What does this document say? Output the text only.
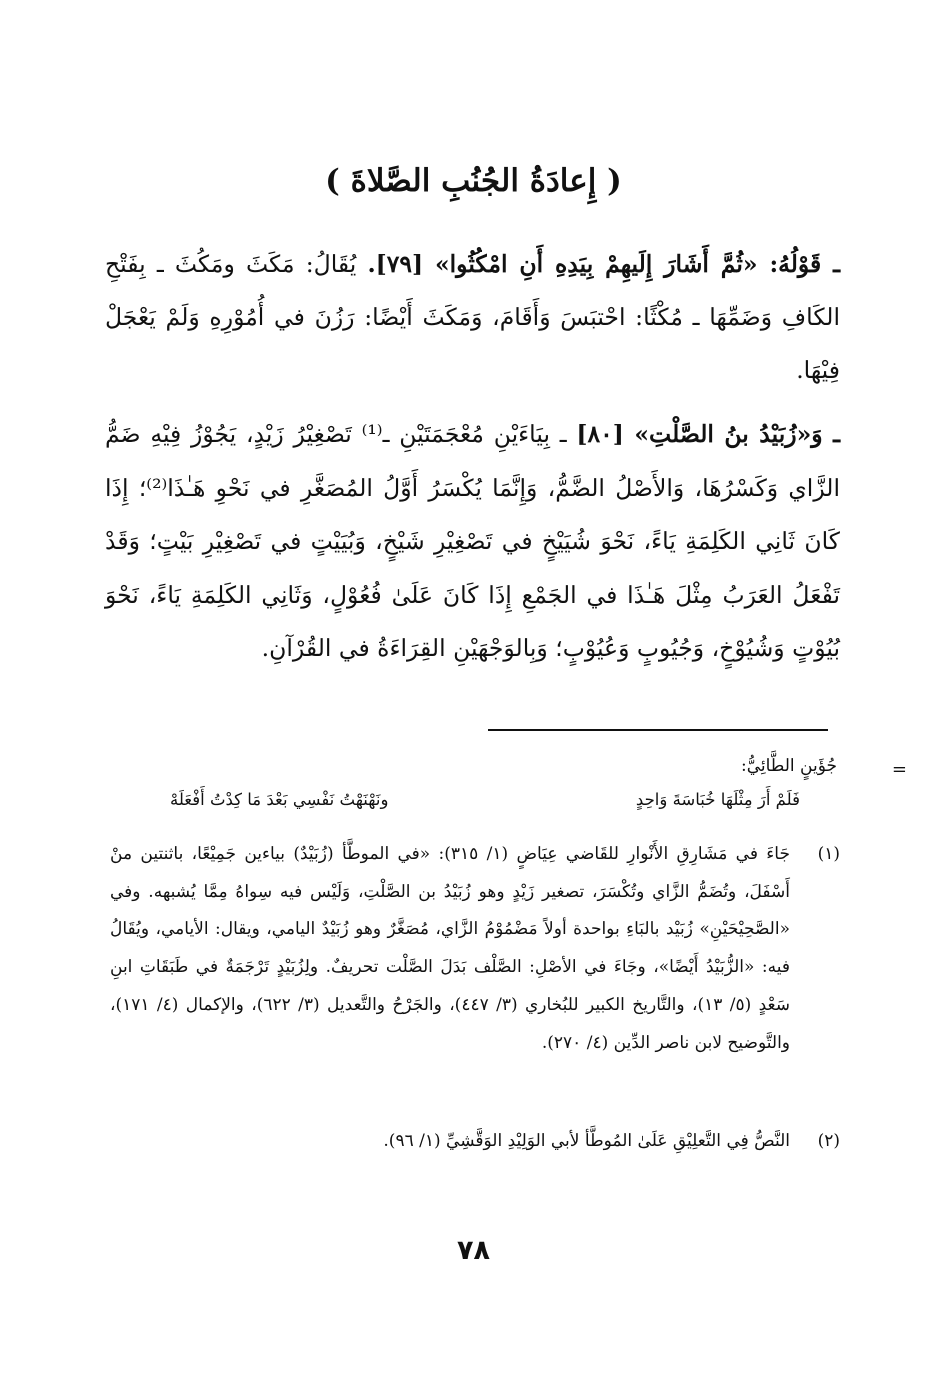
( إِعادَةُ الجُنُبِ الصَّلاةَ )

ـ قَوْلُهُ: «ثُمَّ أَشَارَ إِلَيهِمْ بِيَدِهِ أَنِ امْكُثُوا» [٧٩]. يُقَالُ: مَكَثَ ومَكُثَ ـ بِفَتْحِ الكَافِ وَضَمِّهَا ـ مُكْثًا: احْتبَسَ وَأَقَامَ، وَمَكَثَ أَيْضًا: رَزُنَ في أُمُوْرِهِ وَلَمْ يَعْجَلْ فِيْهَا.

ـ وَ«زُبَيْدُ بنُ الصَّلْتِ» [٨٠] ـ بِيَاءَيْنِ مُعْجَمَتَيْنِ ـ⁽¹⁾ تَصْغِيْرُ زَيْدٍ، يَجُوْزُ فِيْهِ ضَمُّ الزَّاي وَكَسْرُهَا، وَالأَصْلُ الضَّمُّ، وَإِنَّمَا يُكْسَرُ أَوَّلُ المُصَغَّرِ في نَحْوِ هَـٰذَا⁽²⁾؛ إِذَا كَانَ ثَانِي الكَلِمَةِ يَاءً، نَحْوَ شُيَيْخٍ في تَصْغِيْرِ شَيْخٍ، وَبُيَيْتٍ في تَصْغِيْرِ بَيْتٍ؛ وَقَدْ تَفْعَلُ العَرَبُ مِثْلَ هَـٰذَا في الجَمْعِ إِذَا كَانَ عَلَىٰ فُعُوْلٍ، وَثَانِي الكَلِمَةِ يَاءً، نَحْوَ بُيُوْتٍ وَشُيُوْخٍ، وَجُيُوبٍ وَعُيُوْبٍ؛ وَبِالوَجْهَيْنِ القِرَاءَةُ في القُرْآنِ.

=
جُؤَينٍ الطَّائِيُّ:
فَلَمْ أَرَ مِثْلَهَا خُبَاسَةَ وَاحِدٍ
ونَهْنَهْتُ نَفْسِي بَعْدَ مَا كِدْتُ أَفْعَلَهْ
(١)
جَاءَ في مَشَارِقِ الأَنْوارِ للقَاضي عِيَاضٍ (١/ ٣١٥): «في الموطَّأ (زُبَيْدٌ) بياءين جَمِيْعًا، باثنتين منْ أَسْفَلَ، وتُضَمُّ الزَّاي وتُكْسَرَ، تصغير زَيْدٍ وهو زُبَيْدُ بن الصَّلْتِ، وَلَيْس فيه سِواهُ مِمَّا يُشبهه. وفي «الصَّحِيْحَيْنِ» زُبَيْد بالبَاءِ بواحدة أولاً مَضْمُوْمُ الزَّاي، مُصَغَّرٌ وهو زُبَيْدٌ اليامي، ويقال: الأيامي، ويُقَالُ فيه: «الزُّبَيْدُ أَيْضًا»، وجَاءَ في الأصْلِ: الصَّلْف بَدَلَ الصَّلْت تحريفٌ. ولِزُبَيْدٍ تَرْجَمَةٌ في طَبَقَاتِ ابنِ سَعْدٍ (٥/ ١٣)، والتَّاريخ الكبير للبُخاري (٣/ ٤٤٧)، والجَرْحُ والتَّعديل (٣/ ٦٢٢)، والإكمال (٤/ ١٧١)، والتَّوضيح لابن ناصر الدِّين (٤/ ٢٧٠).
(٢)
النَّصُّ فِي التَّعلِيْقِ عَلَىٰ المُوطَّأ لأبي الوَلِيْدِ الوَقَّشِيِّ (١/ ٩٦).
٧٨
